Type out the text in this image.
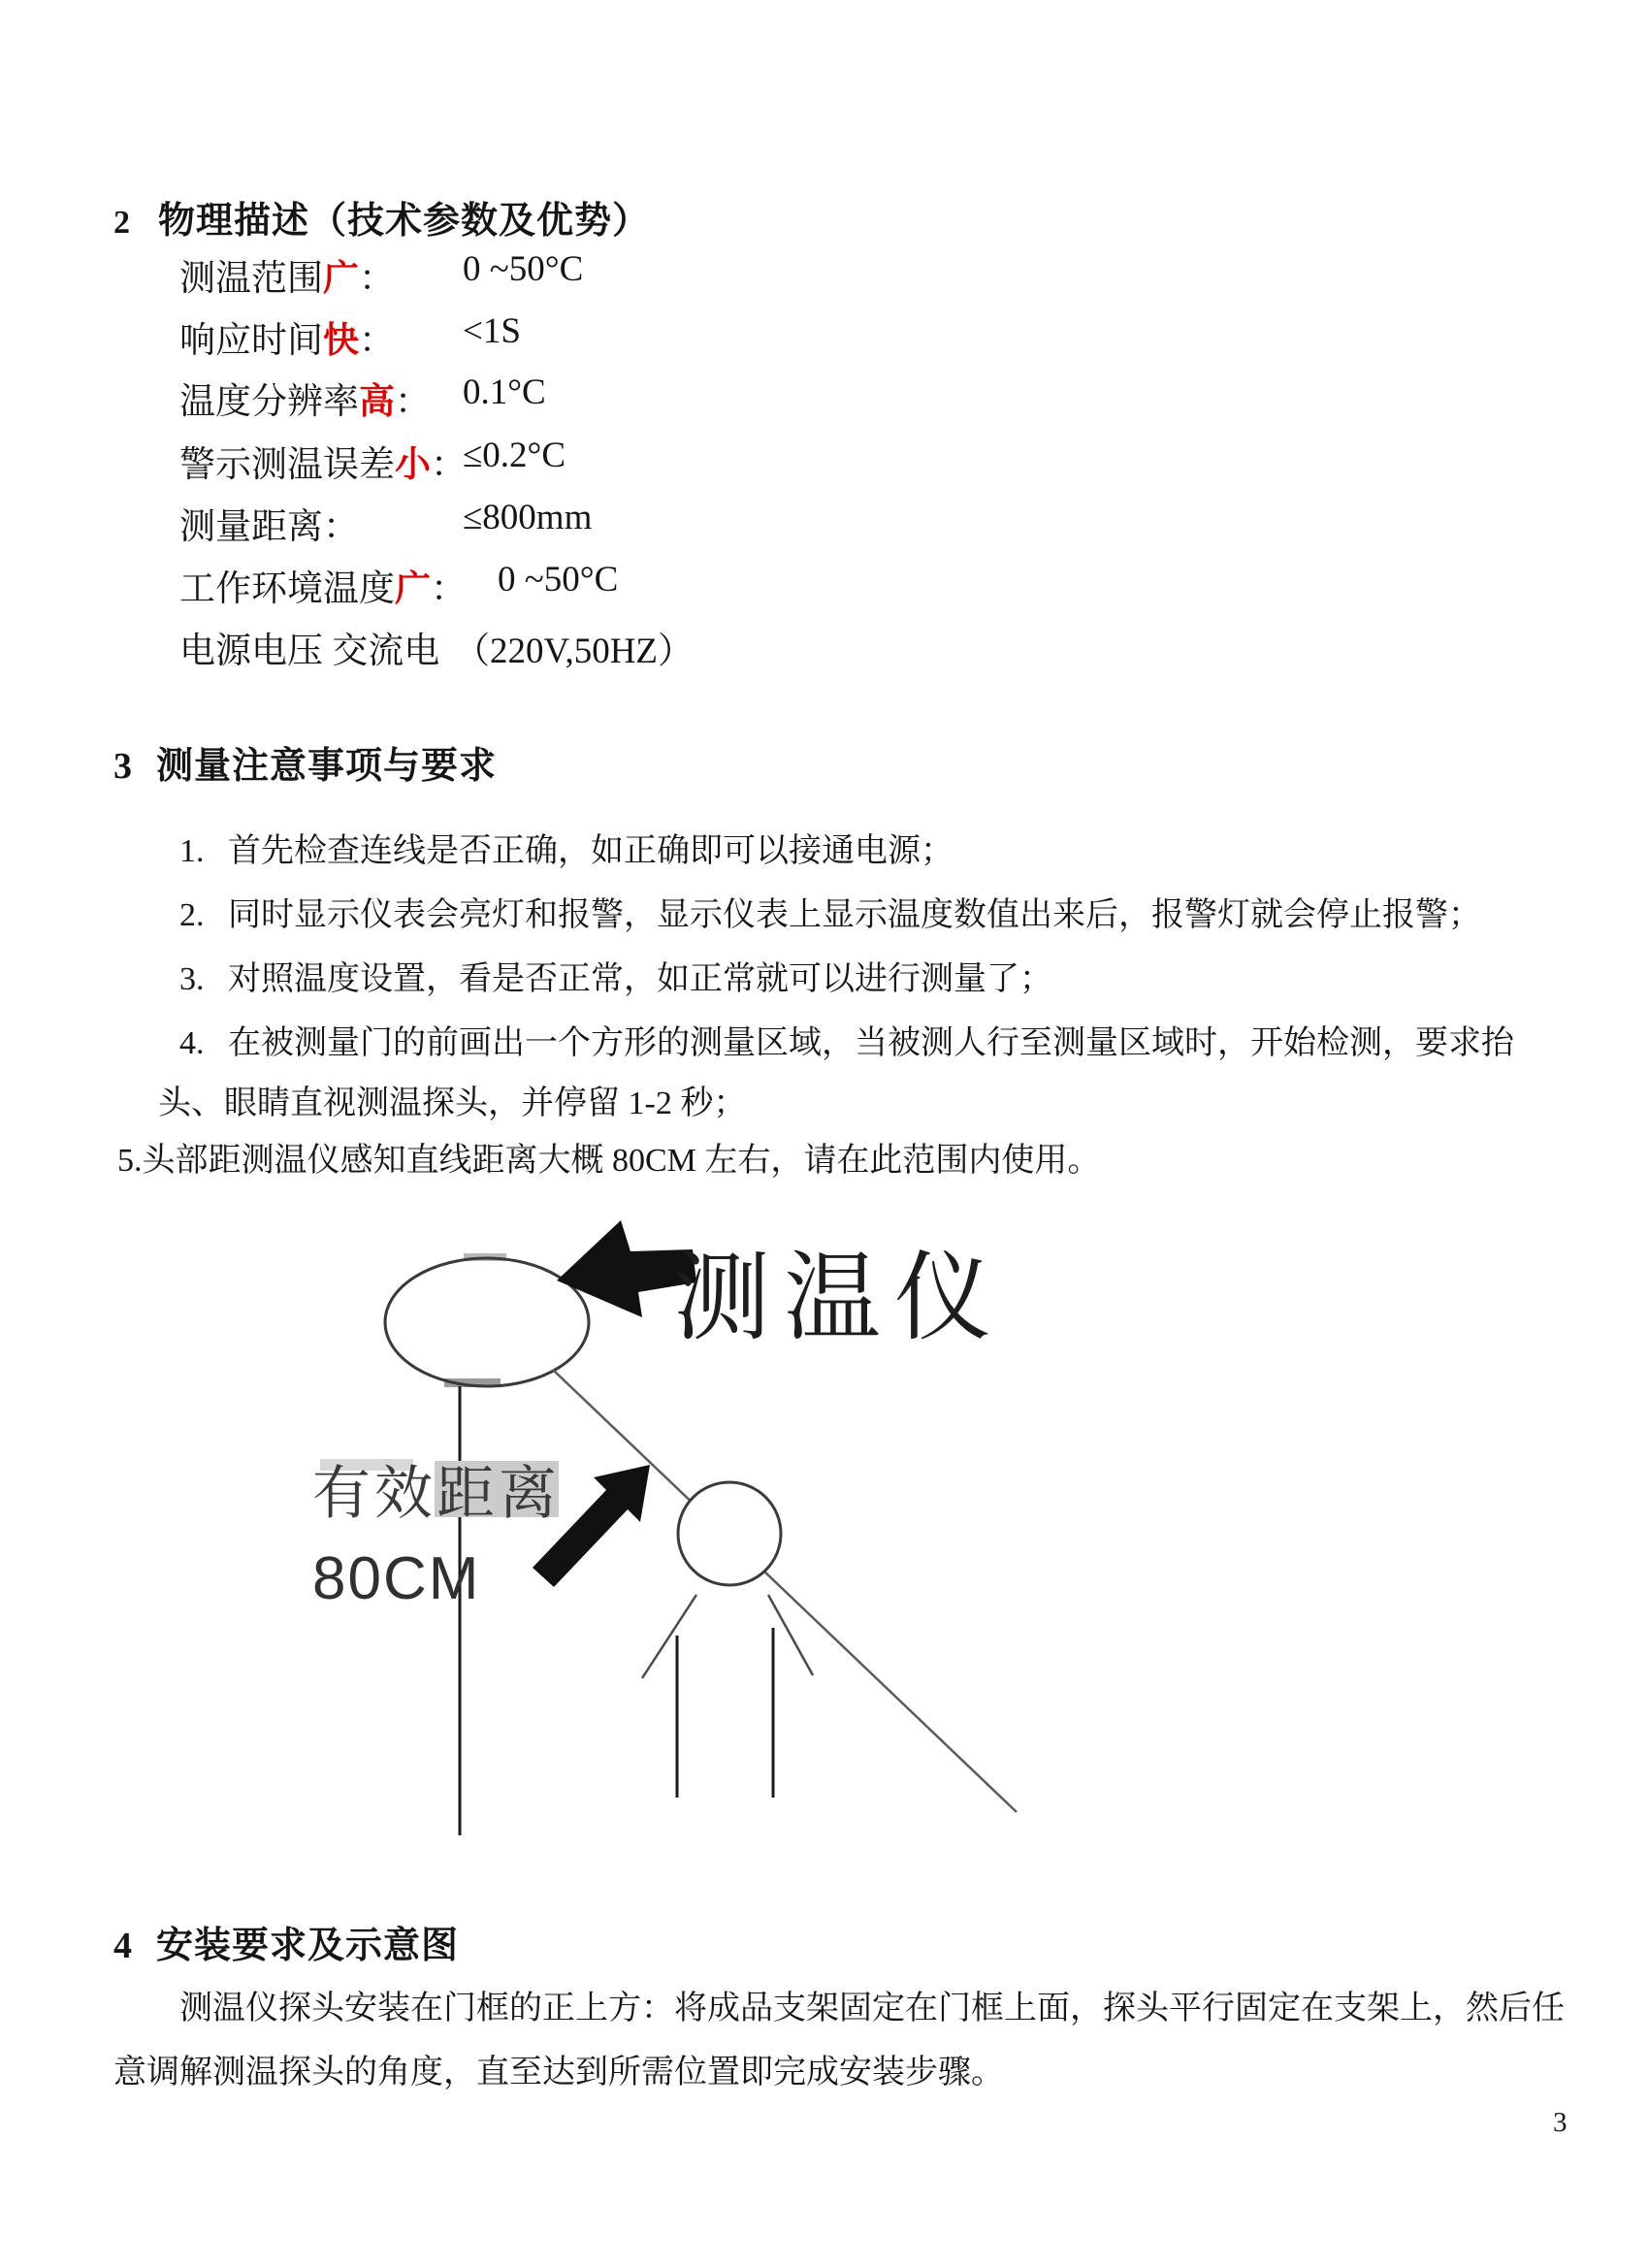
2 物理描述（技术参数及优势）
测温范围广： 0 ~50°C
响应时间快： <1S
温度分辨率高： 0.1°C
警示测温误差小：
≤0.2°C
测量距离：	≤800mm
工作环境温度广： 0 ~50°C
电源电压 交流电 （220V,50HZ）
3 测量注意事项与要求
1. 首先检查连线是否正确，如正确即可以接通电源；
2. 同时显示仪表会亮灯和报警，显示仪表上显示温度数值出来后，报警灯就会停止报警；
3. 对照温度设置，看是否正常，如正常就可以进行测量了；
4. 在被测量门的前画出一个方形的测量区域，当被测人行至测量区域时，开始检测，要求抬
头、眼睛直视测温探头，并停留 1-2 秒；
5.头部距测温仪感知直线距离大概 80CM 左右，请在此范围内使用。
测温仪
有效距离
80CM
4 安装要求及示意图
测温仪探头安装在门框的正上方：将成品支架固定在门框上面，探头平行固定在支架上，然后任
意调解测温探头的角度，直至达到所需位置即完成安装步骤。
3
